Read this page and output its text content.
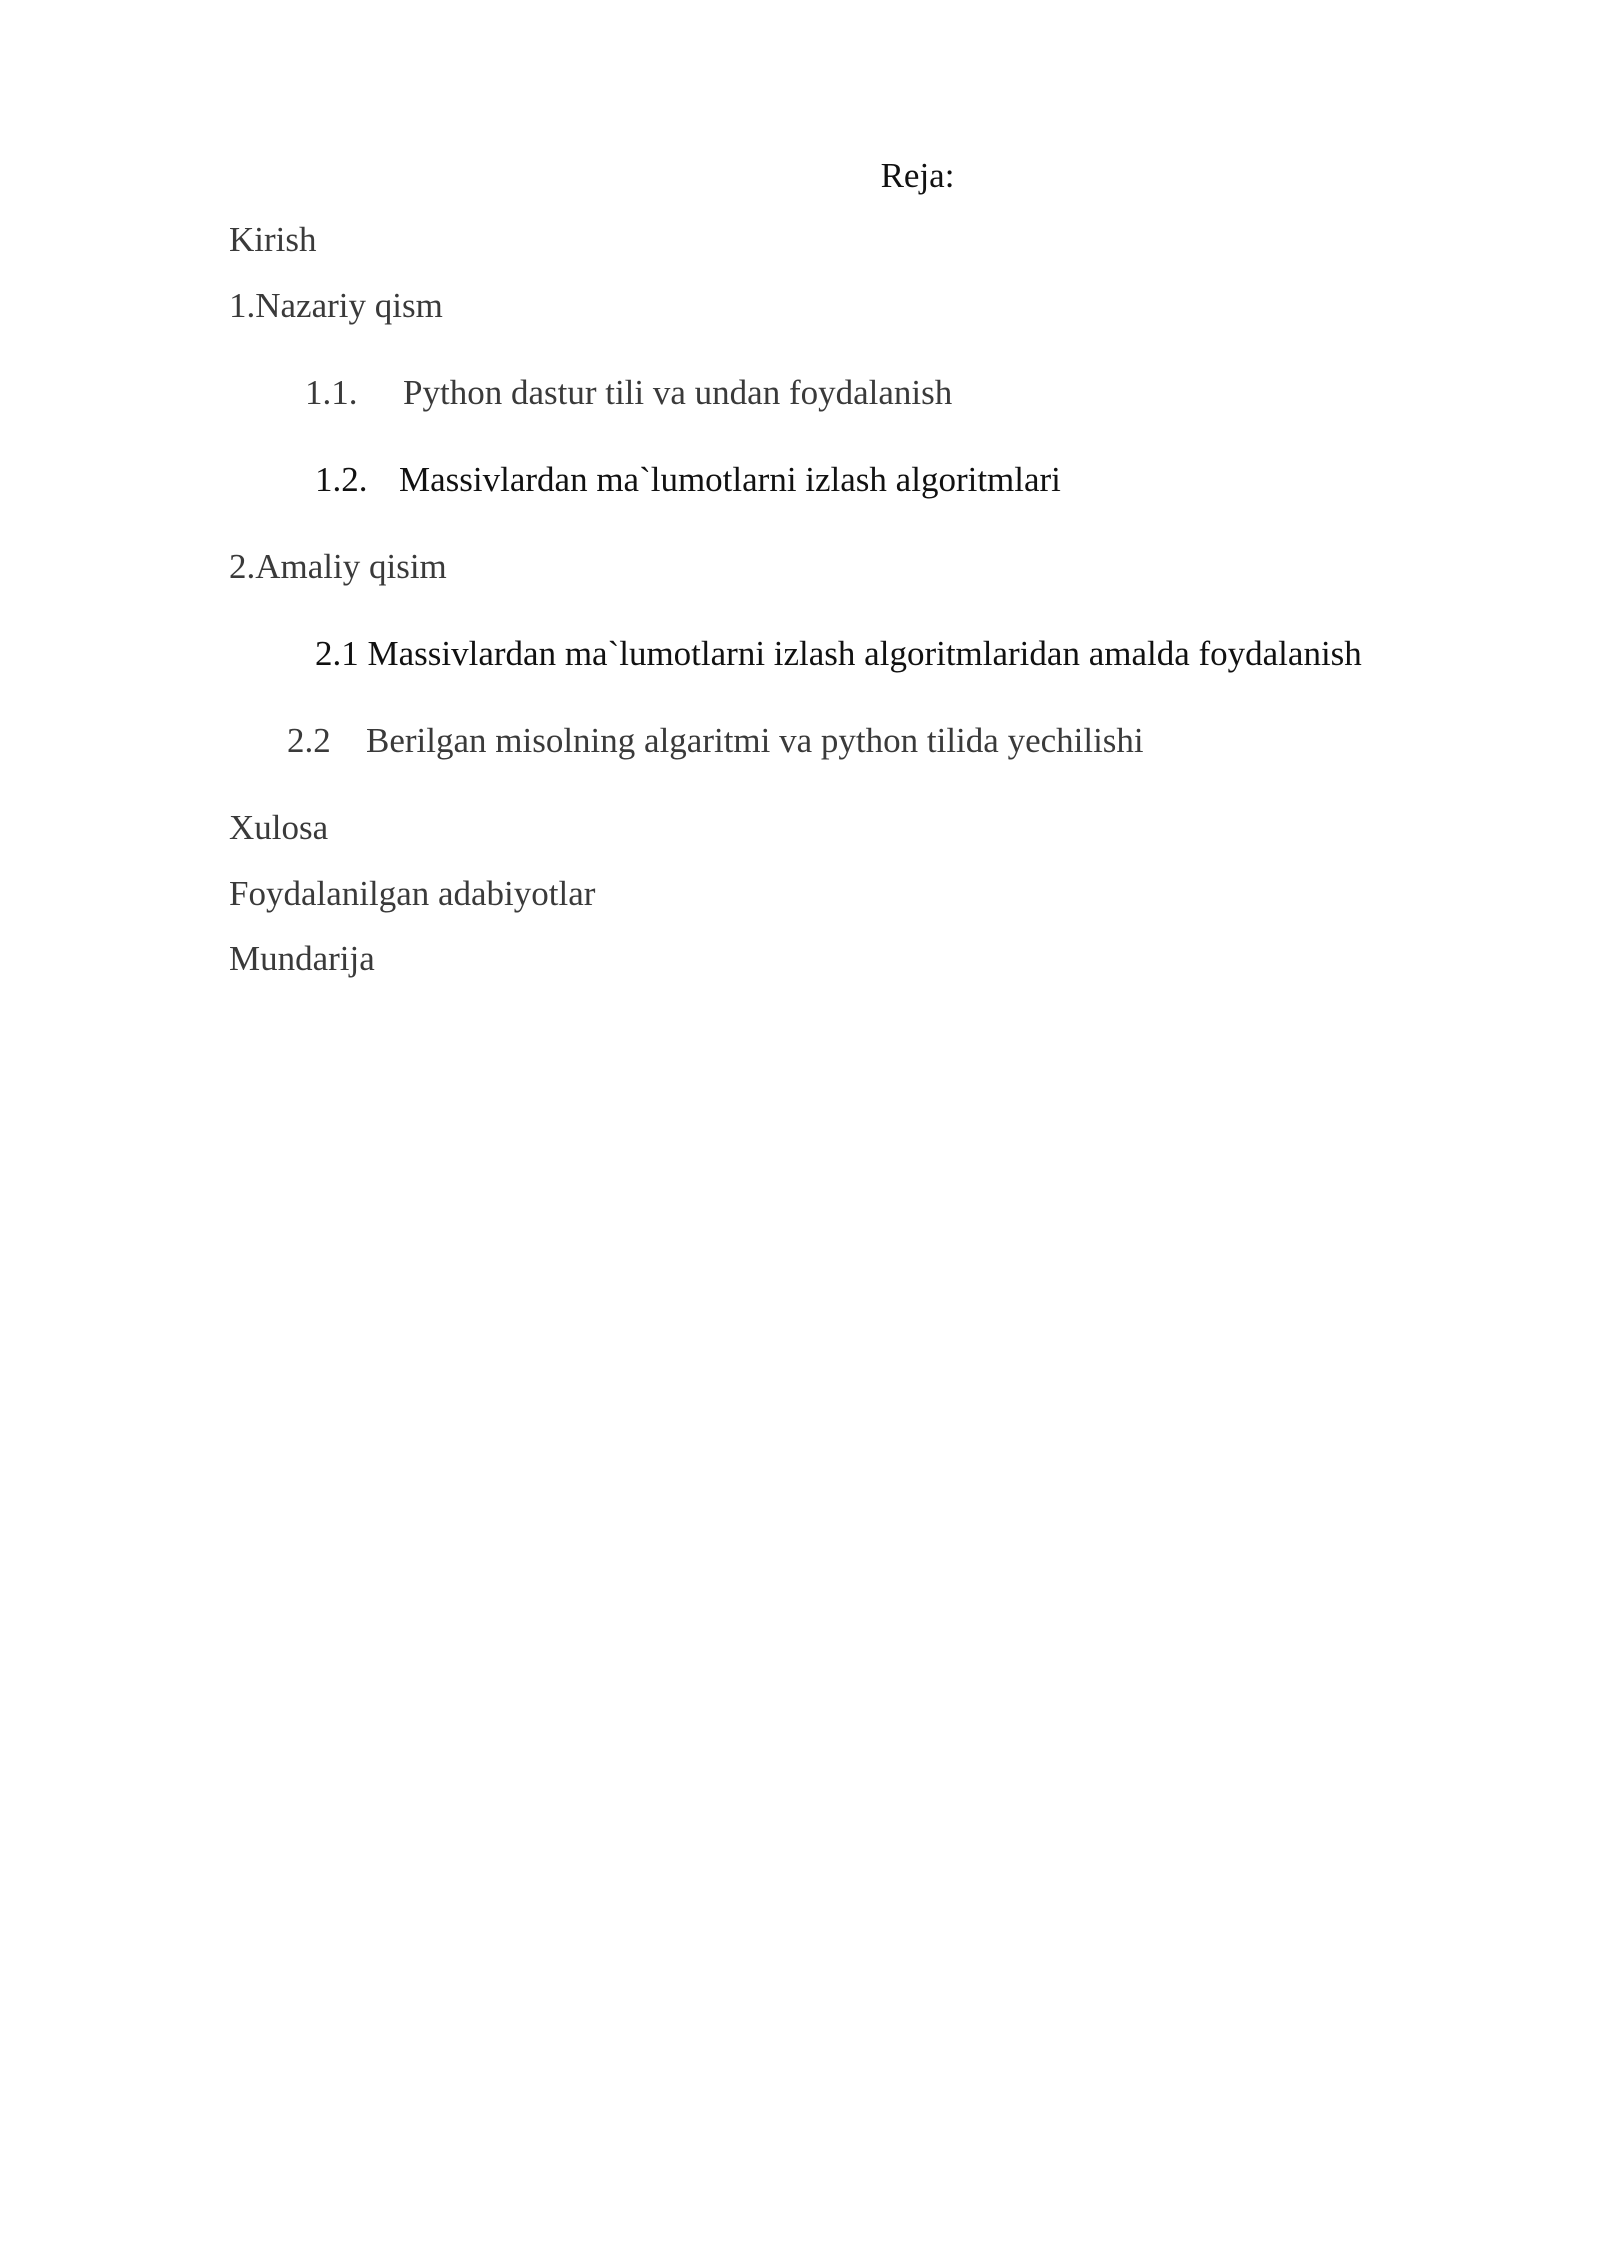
Reja:
Kirish
1.Nazariy qism
1.1. Python dastur tili va undan foydalanish
1.2. Massivlardan ma`lumotlarni izlash algoritmlari
2.Amaliy qisim
2.1 Massivlardan ma`lumotlarni izlash algoritmlaridan amalda foydalanish
2.2 Berilgan misolning algaritmi va python tilida yechilishi
Xulosa
Foydalanilgan adabiyotlar
Mundarija
